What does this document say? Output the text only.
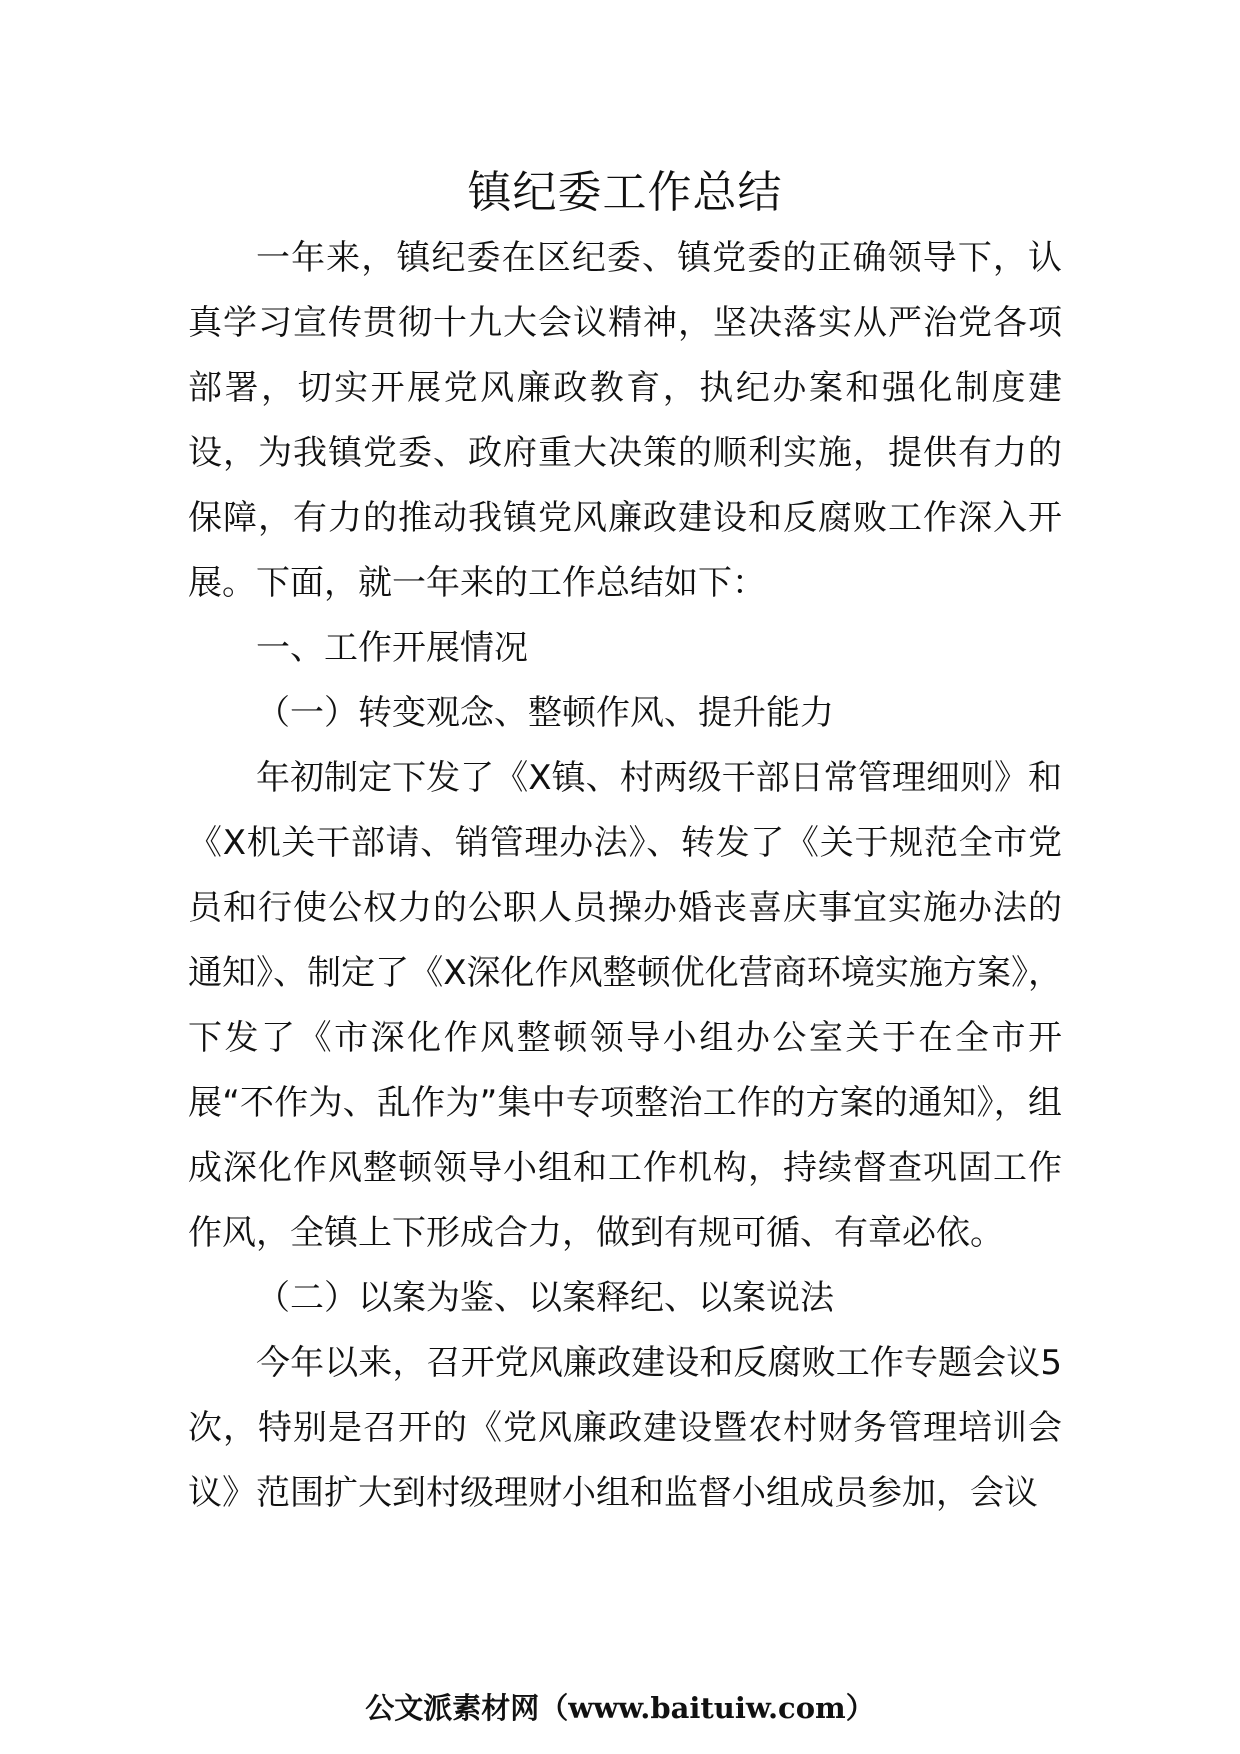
镇纪委工作总结

一年来，镇纪委在区纪委、镇党委的正确领导下，认真学习宣传贯彻十九大会议精神，坚决落实从严治党各项部署，切实开展党风廉政教育，执纪办案和强化制度建设，为我镇党委、政府重大决策的顺利实施，提供有力的保障，有力的推动我镇党风廉政建设和反腐败工作深入开展。下面，就一年来的工作总结如下：

一、工作开展情况

（一）转变观念、整顿作风、提升能力

年初制定下发了《X镇、村两级干部日常管理细则》和《X机关干部请、销管理办法》、转发了《关于规范全市党员和行使公权力的公职人员操办婚丧喜庆事宜实施办法的通知》、制定了《X深化作风整顿优化营商环境实施方案》，下发了《市深化作风整顿领导小组办公室关于在全市开展“不作为、乱作为”集中专项整治工作的方案的通知》，组成深化作风整顿领导小组和工作机构，持续督查巩固工作作风，全镇上下形成合力，做到有规可循、有章必依。

（二）以案为鉴、以案释纪、以案说法

今年以来，召开党风廉政建设和反腐败工作专题会议5次，特别是召开的《党风廉政建设暨农村财务管理培训会议》范围扩大到村级理财小组和监督小组成员参加，会议

公文派素材网（www.baituiw.com）
